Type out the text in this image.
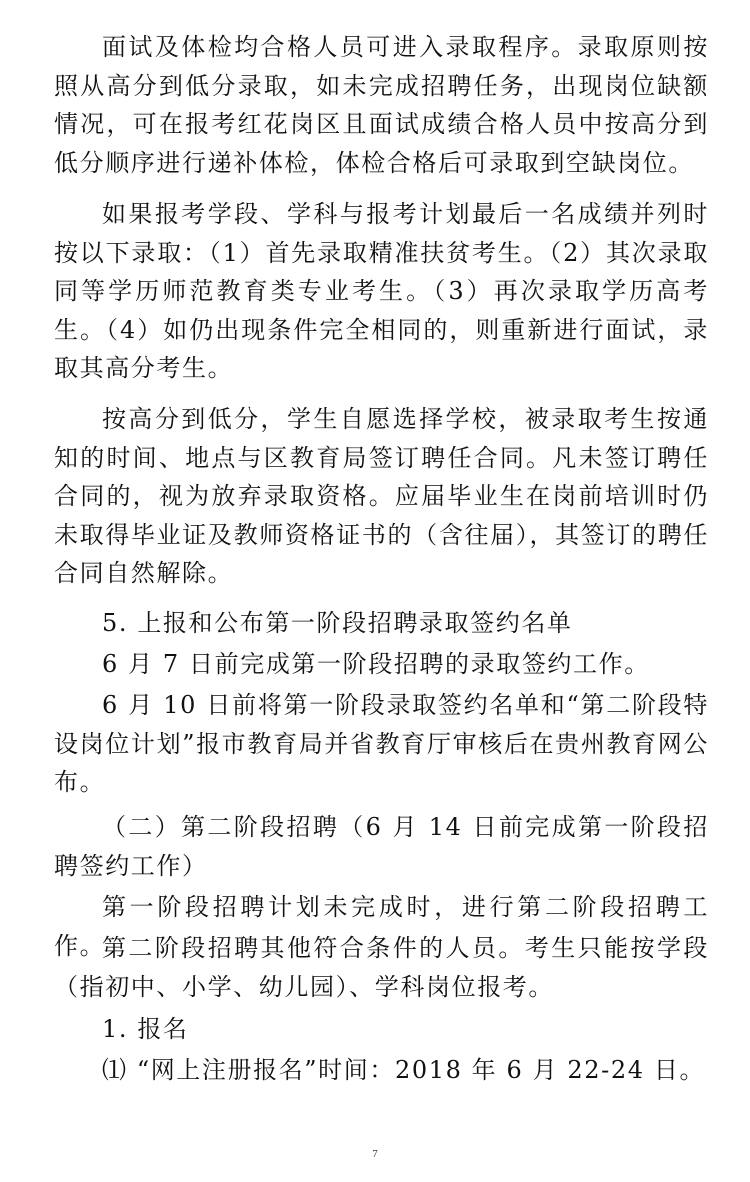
面试及体检均合格人员可进入录取程序。录取原则按照从高分到低分录取，如未完成招聘任务，出现岗位缺额情况，可在报考红花岗区且面试成绩合格人员中按高分到低分顺序进行递补体检，体检合格后可录取到空缺岗位。

如果报考学段、学科与报考计划最后一名成绩并列时按以下录取：（1）首先录取精准扶贫考生。（2）其次录取同等学历师范教育类专业考生。（3）再次录取学历高考生。（4）如仍出现条件完全相同的，则重新进行面试，录取其高分考生。

按高分到低分，学生自愿选择学校，被录取考生按通知的时间、地点与区教育局签订聘任合同。凡未签订聘任合同的，视为放弃录取资格。应届毕业生在岗前培训时仍未取得毕业证及教师资格证书的（含往届），其签订的聘任合同自然解除。

5. 上报和公布第一阶段招聘录取签约名单

6 月 7 日前完成第一阶段招聘的录取签约工作。

6 月 10 日前将第一阶段录取签约名单和“第二阶段特设岗位计划”报市教育局并省教育厅审核后在贵州教育网公布。

（二）第二阶段招聘（6 月 14 日前完成第一阶段招聘签约工作）

第一阶段招聘计划未完成时，进行第二阶段招聘工作。

第二阶段招聘其他符合条件的人员。考生只能按学段（指初中、小学、幼儿园）、学科岗位报考。

1. 报名

⑴ “网上注册报名”时间：2018 年 6 月 22-24 日。

7
